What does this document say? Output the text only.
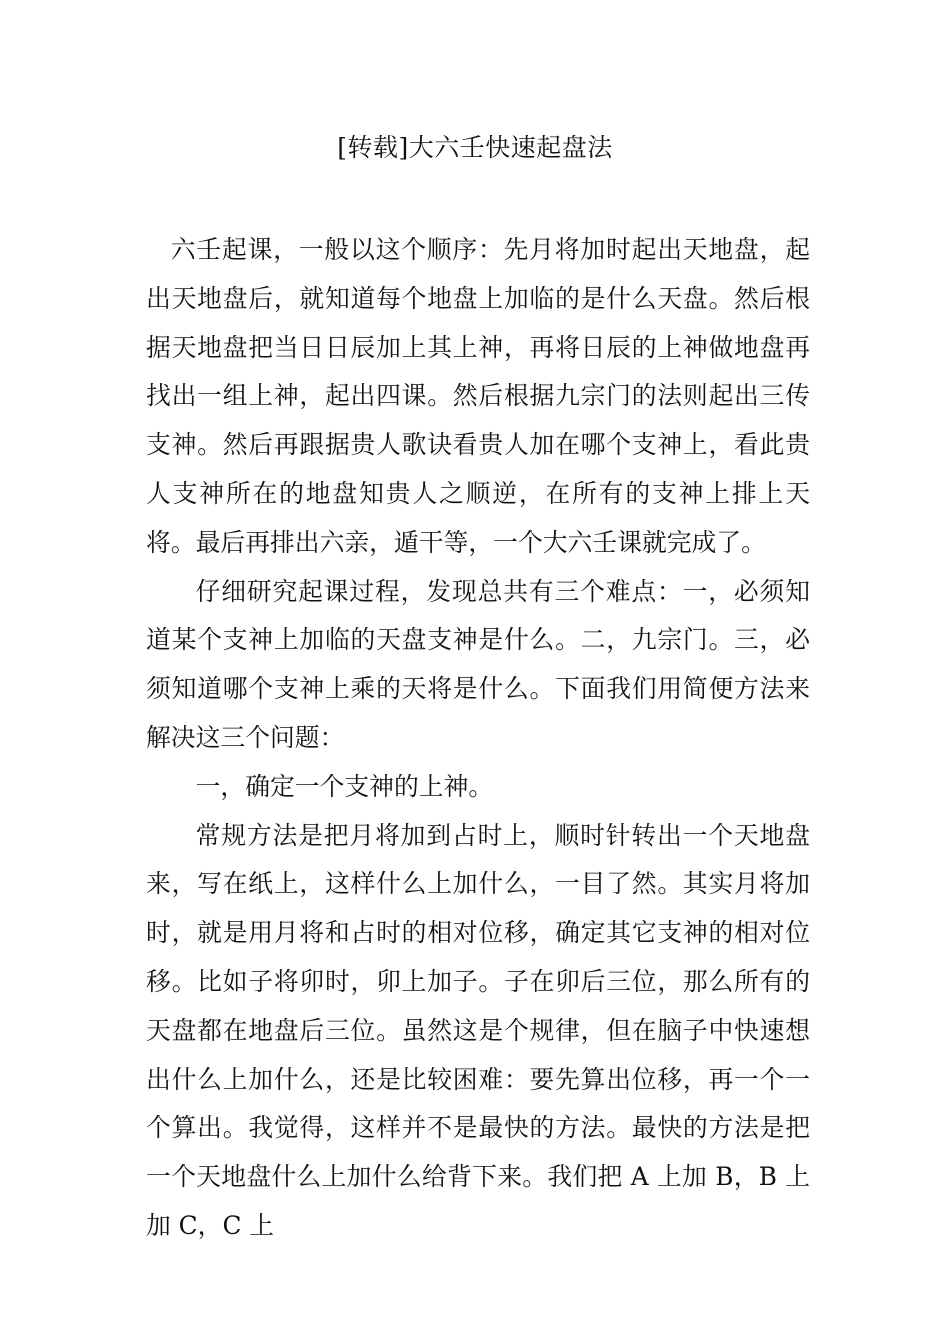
[转载]大六壬快速起盘法

六壬起课，一般以这个顺序：先月将加时起出天地盘，起出天地盘后，就知道每个地盘上加临的是什么天盘。然后根据天地盘把当日日辰加上其上神，再将日辰的上神做地盘再找出一组上神，起出四课。然后根据九宗门的法则起出三传支神。然后再跟据贵人歌诀看贵人加在哪个支神上，看此贵人支神所在的地盘知贵人之顺逆，在所有的支神上排上天将。最后再排出六亲，遁干等，一个大六壬课就完成了。

仔细研究起课过程，发现总共有三个难点：一，必须知道某个支神上加临的天盘支神是什么。二，九宗门。三，必须知道哪个支神上乘的天将是什么。下面我们用简便方法来解决这三个问题：

一，确定一个支神的上神。

常规方法是把月将加到占时上，顺时针转出一个天地盘来，写在纸上，这样什么上加什么，一目了然。其实月将加时，就是用月将和占时的相对位移，确定其它支神的相对位移。比如子将卯时，卯上加子。子在卯后三位，那么所有的天盘都在地盘后三位。虽然这是个规律，但在脑子中快速想出什么上加什么，还是比较困难：要先算出位移，再一个一个算出。我觉得，这样并不是最快的方法。最快的方法是把一个天地盘什么上加什么给背下来。我们把 A 上加 B，B 上加 C，C 上
